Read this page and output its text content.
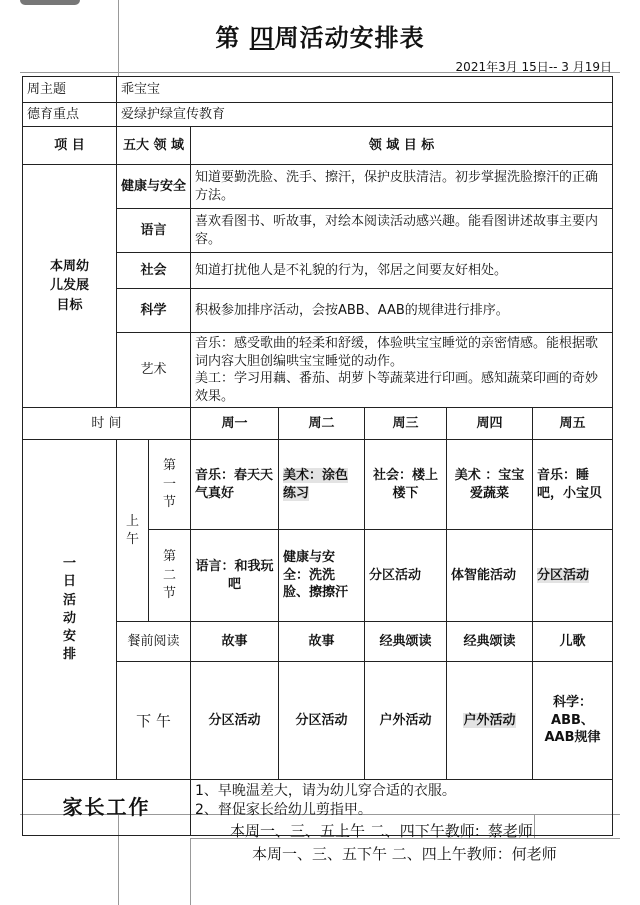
第 四周活动安排表
2021年3月 15日-- 3 月19日
周主题	乖宝宝						
德育重点	爱绿护绿宣传教育						
项 目	五大 领 域		领 域 目 标				

本周幼儿发展目标	健康与安全		知道要勤洗脸、洗手、擦汗，保护皮肤清洁。初步掌握洗脸擦汗的正确方法。				
	语言		喜欢看图书、听故事，对绘本阅读活动感兴趣。能看图讲述故事主要内容。				
	社会		知道打扰他人是不礼貌的行为，邻居之间要友好相处。				
	科学		积极参加排序活动，会按ABB、AAB的规律进行排序。				
	艺术		音乐：感受歌曲的轻柔和舒缓，体验哄宝宝睡觉的亲密情感。能根据歌词内容大胆创编哄宝宝睡觉的动作。
美工：学习用藕、番茄、胡萝卜等蔬菜进行印画。感知蔬菜印画的奇妙效果。				

时 间			周一	周二	周三	周四	周五
一日活动安排	上午	第一节	音乐：春天天气真好	美术：涂色练习	社会：楼上楼下	美术 ：宝宝爱蔬菜	音乐：睡吧，小宝贝
		第二节	语言：和我玩吧	健康与安全：洗洗脸、擦擦汗	分区活动	体智能活动	分区活动
	餐前阅读		故事	故事	经典颂读	经典颂读	儿歌
	下 午		分区活动	分区活动	户外活动	户外活动	科学：ABB、AAB规律
家长工作			1、早晚温差大，请为幼儿穿合适的衣服。
2、督促家长给幼儿剪指甲。				
本周一、三、五上午 二、四下午教师: 蔡老师
本周一、三、五下午 二、四上午教师：何老师
